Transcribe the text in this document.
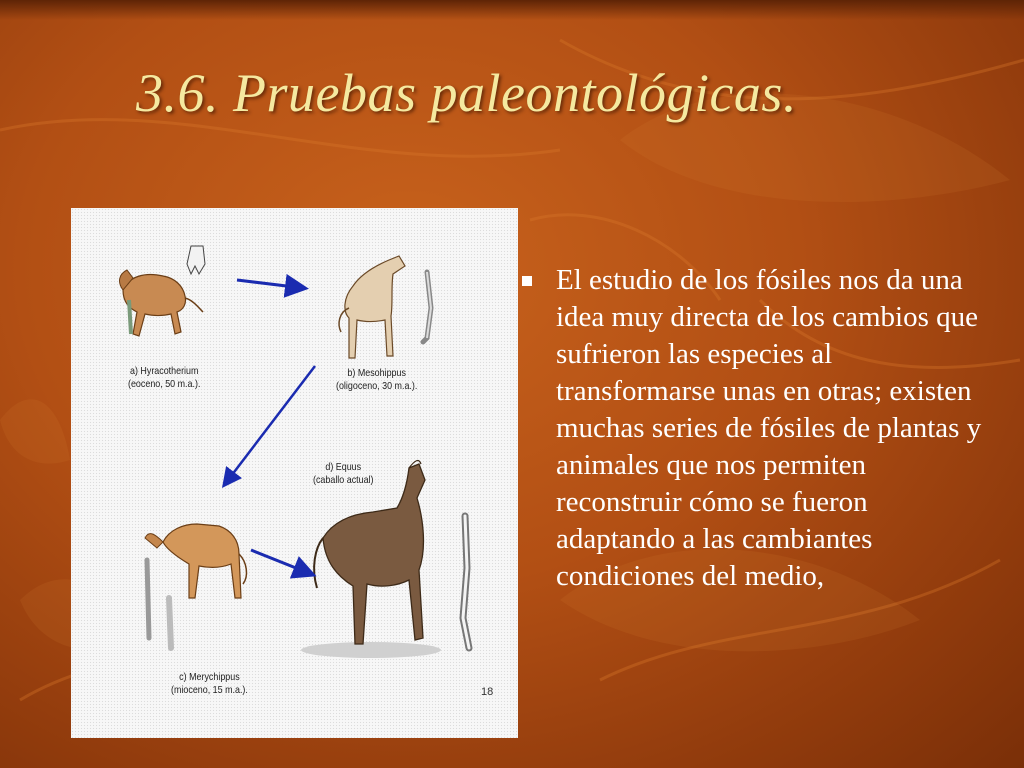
3.6. Pruebas paleontológicas.
a) Hyracotherium
(eoceno, 50 m.a.).
b) Mesohippus
(oligoceno, 30 m.a.).
d) Equus
(caballo actual)
c) Merychippus
(mioceno, 15 m.a.).	18
El estudio de los fósiles nos da una idea muy directa de los cambios que sufrieron las especies al transformarse unas en otras; existen muchas series de fósiles de plantas y animales que nos permiten reconstruir cómo se fueron adaptando a las cambiantes condiciones del medio,
